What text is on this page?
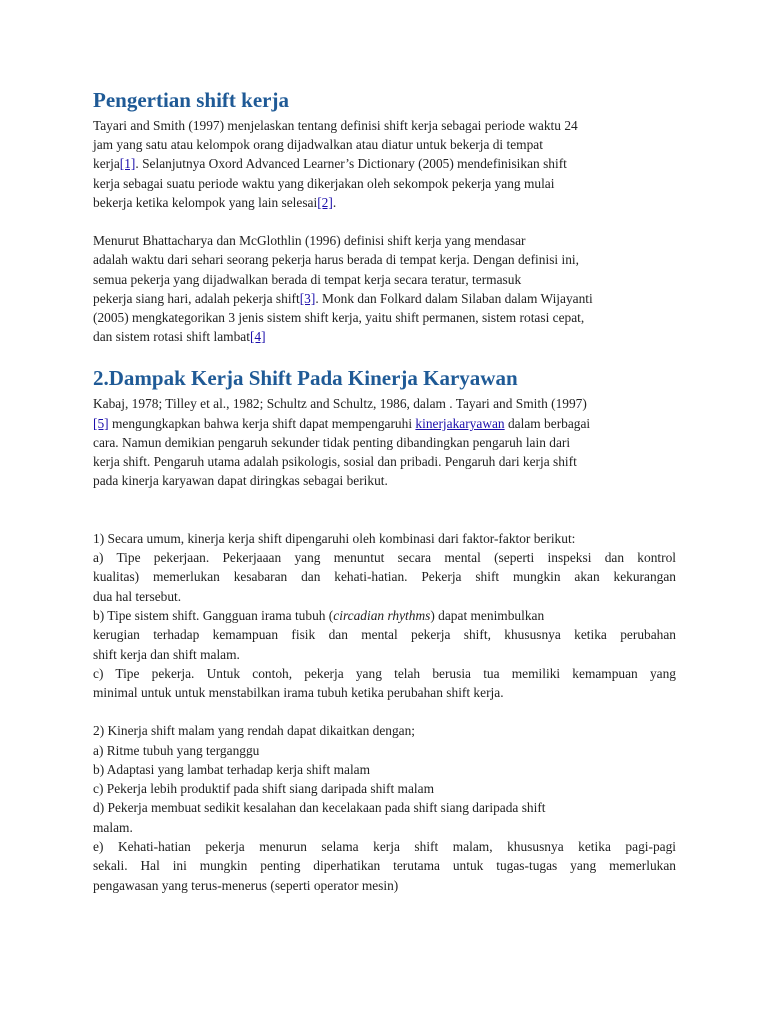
Pengertian shift kerja
Tayari and Smith (1997) menjelaskan tentang definisi shift kerja sebagai periode waktu 24
jam yang satu atau kelompok orang dijadwalkan atau diatur untuk bekerja di tempat
kerja[1]. Selanjutnya Oxord Advanced Learner’s Dictionary (2005) mendefinisikan shift
kerja sebagai suatu periode waktu yang dikerjakan oleh sekompok pekerja yang mulai
bekerja ketika kelompok yang lain selesai[2].
Menurut Bhattacharya dan McGlothlin (1996) definisi shift kerja yang mendasar
adalah waktu dari sehari seorang pekerja harus berada di tempat kerja. Dengan definisi ini,
semua pekerja yang dijadwalkan berada di tempat kerja secara teratur, termasuk
pekerja siang hari, adalah pekerja shift[3]. Monk dan Folkard dalam Silaban dalam Wijayanti
(2005) mengkategorikan 3 jenis sistem shift kerja, yaitu shift permanen, sistem rotasi cepat,
dan sistem rotasi shift lambat[4]
2.Dampak Kerja Shift Pada Kinerja Karyawan
Kabaj, 1978; Tilley et al., 1982; Schultz and Schultz, 1986, dalam . Tayari and Smith (1997)
[5] mengungkapkan bahwa kerja shift dapat mempengaruhi kinerjakaryawan dalam berbagai
cara. Namun demikian pengaruh sekunder tidak penting dibandingkan pengaruh lain dari
kerja shift. Pengaruh utama adalah psikologis, sosial dan pribadi. Pengaruh dari kerja shift
pada kinerja karyawan dapat diringkas sebagai berikut.
1) Secara umum, kinerja kerja shift dipengaruhi oleh kombinasi dari faktor-faktor berikut:
a) Tipe pekerjaan. Pekerjaaan yang menuntut secara mental (seperti inspeksi dan kontrol
kualitas) memerlukan kesabaran dan kehati-hatian. Pekerja shift mungkin akan kekurangan
dua hal tersebut.
b) Tipe sistem shift. Gangguan irama tubuh (circadian rhythms) dapat menimbulkan
kerugian terhadap kemampuan fisik dan mental pekerja shift, khususnya ketika perubahan
shift kerja dan shift malam.
c) Tipe pekerja. Untuk contoh, pekerja yang telah berusia tua memiliki kemampuan yang
minimal untuk untuk menstabilkan irama tubuh ketika perubahan shift kerja.
2) Kinerja shift malam yang rendah dapat dikaitkan dengan;
a) Ritme tubuh yang terganggu
b) Adaptasi yang lambat terhadap kerja shift malam
c) Pekerja lebih produktif pada shift siang daripada shift malam
d) Pekerja membuat sedikit kesalahan dan kecelakaan pada shift siang daripada shift
malam.
e) Kehati-hatian pekerja menurun selama kerja shift malam, khususnya ketika pagi-pagi
sekali. Hal ini mungkin penting diperhatikan terutama untuk tugas-tugas yang memerlukan
pengawasan yang terus-menerus (seperti operator mesin)
